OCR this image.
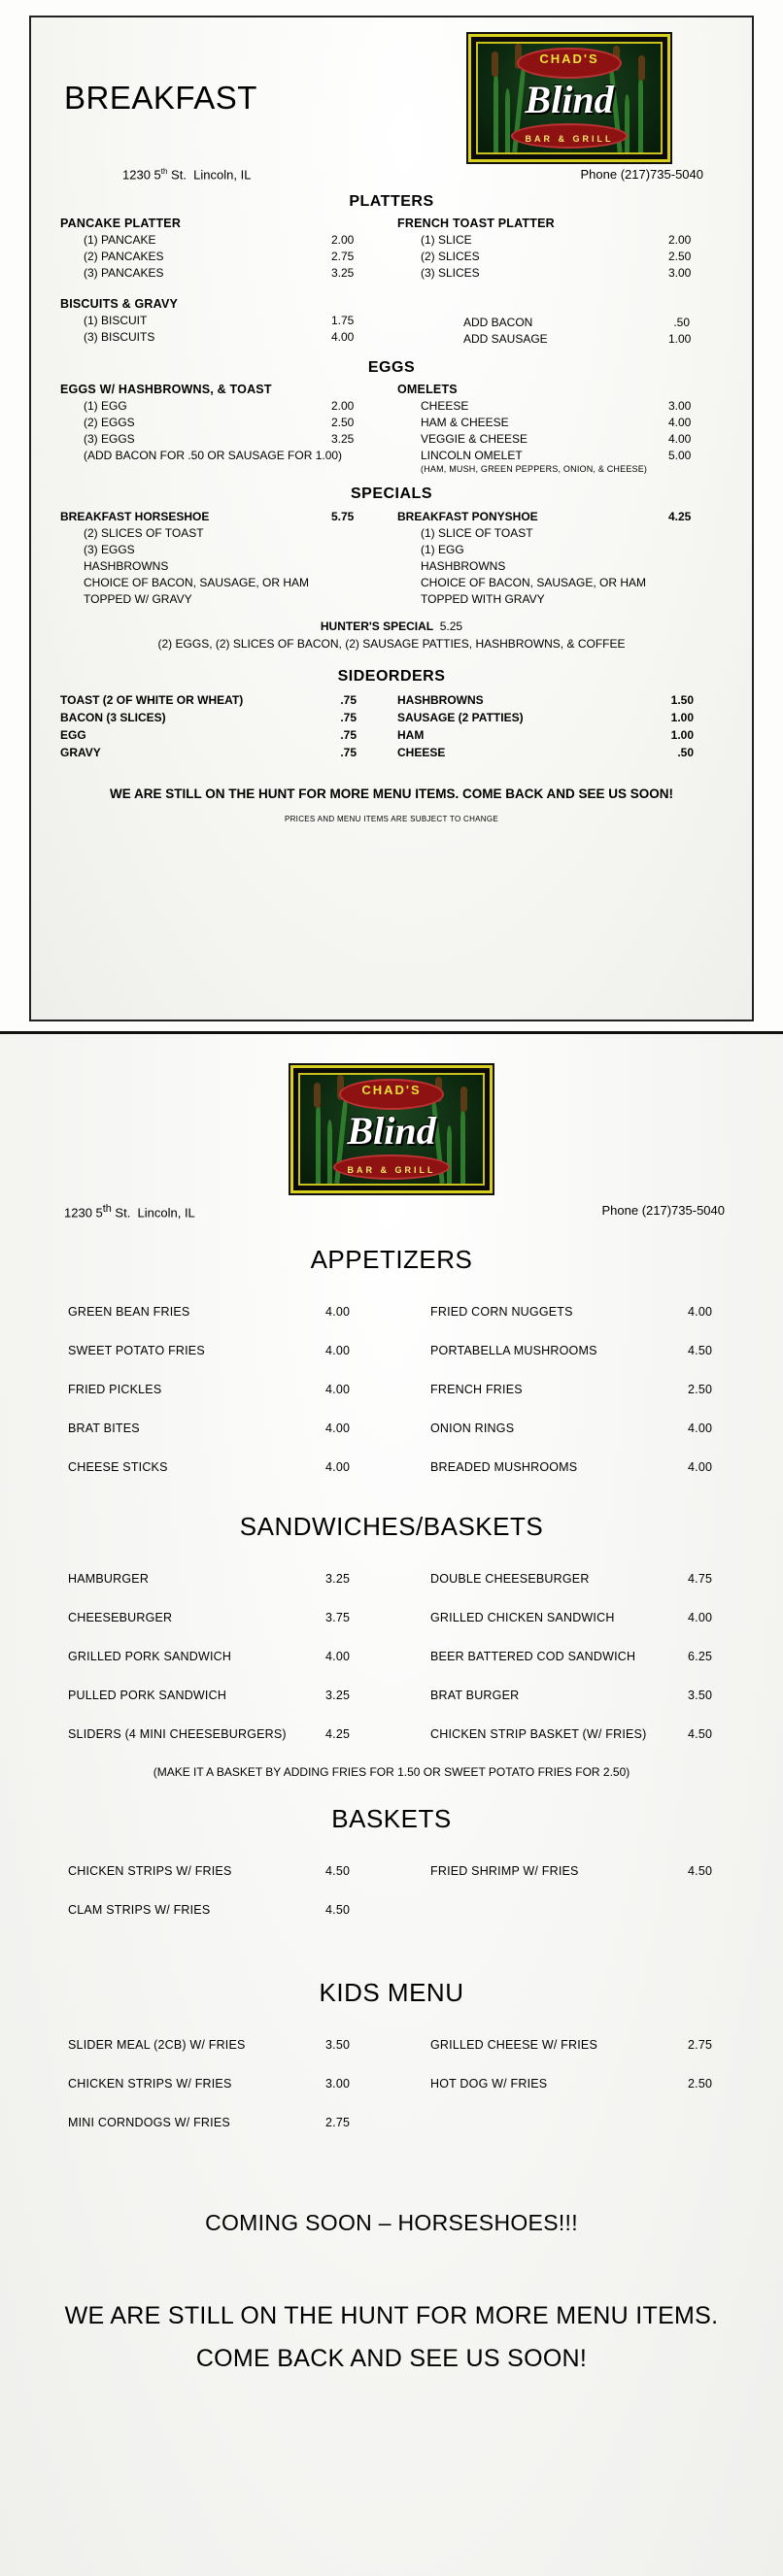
BREAKFAST
CHAD'S
Blind
BAR & GRILL
1230 5th St.  Lincoln, IL	Phone (217)735-5040
PLATTERS
PANCAKE PLATTER
(1) PANCAKE	2.00
(2) PANCAKES	2.75
(3) PANCAKES	3.25
BISCUITS & GRAVY
(1) BISCUIT	1.75
(3) BISCUITS	4.00
FRENCH TOAST PLATTER
(1) SLICE	2.00
(2) SLICES	2.50
(3) SLICES	3.00
ADD BACON	.50
ADD SAUSAGE	1.00
EGGS
EGGS W/ HASHBROWNS, & TOAST
(1) EGG	2.00
(2) EGGS	2.50
(3) EGGS	3.25
(ADD BACON FOR .50 OR SAUSAGE FOR 1.00)
OMELETS
CHEESE	3.00
HAM & CHEESE	4.00
VEGGIE & CHEESE	4.00
LINCOLN OMELET	5.00
(HAM, MUSH, GREEN PEPPERS, ONION, & CHEESE)
SPECIALS
BREAKFAST HORSESHOE	5.75
(2) SLICES OF TOAST
(3) EGGS
HASHBROWNS
CHOICE OF BACON, SAUSAGE, OR HAM
TOPPED W/ GRAVY
BREAKFAST PONYSHOE	4.25
(1) SLICE OF TOAST
(1) EGG
HASHBROWNS
CHOICE OF BACON, SAUSAGE, OR HAM
TOPPED WITH GRAVY
HUNTER'S SPECIAL 5.25
(2) EGGS, (2) SLICES OF BACON, (2) SAUSAGE PATTIES, HASHBROWNS, & COFFEE
SIDEORDERS
TOAST (2 OF WHITE OR WHEAT)	.75
BACON (3 SLICES)	.75
EGG	.75
GRAVY	.75
HASHBROWNS	1.50
SAUSAGE (2 PATTIES)	1.00
HAM	1.00
CHEESE	.50
WE ARE STILL ON THE HUNT FOR MORE MENU ITEMS. COME BACK AND SEE US SOON!
PRICES AND MENU ITEMS ARE SUBJECT TO CHANGE
CHAD'S
Blind
BAR & GRILL
1230 5th St.  Lincoln, IL	Phone (217)735-5040
APPETIZERS
GREEN BEAN FRIES	4.00
SWEET POTATO FRIES	4.00
FRIED PICKLES	4.00
BRAT BITES	4.00
CHEESE STICKS	4.00
FRIED CORN NUGGETS	4.00
PORTABELLA MUSHROOMS	4.50
FRENCH FRIES	2.50
ONION RINGS	4.00
BREADED MUSHROOMS	4.00
SANDWICHES/BASKETS
HAMBURGER	3.25
CHEESEBURGER	3.75
GRILLED PORK SANDWICH	4.00
PULLED PORK SANDWICH	3.25
SLIDERS (4 MINI CHEESEBURGERS)	4.25
DOUBLE CHEESEBURGER	4.75
GRILLED CHICKEN SANDWICH	4.00
BEER BATTERED COD SANDWICH	6.25
BRAT BURGER	3.50
CHICKEN STRIP BASKET (W/ FRIES)	4.50
(MAKE IT A BASKET BY ADDING FRIES FOR 1.50 OR SWEET POTATO FRIES FOR 2.50)
BASKETS
CHICKEN STRIPS W/ FRIES	4.50
CLAM STRIPS W/ FRIES	4.50
FRIED SHRIMP W/ FRIES	4.50
KIDS MENU
SLIDER MEAL (2CB) W/ FRIES	3.50
CHICKEN STRIPS W/ FRIES	3.00
MINI CORNDOGS W/ FRIES	2.75
GRILLED CHEESE W/ FRIES	2.75
HOT DOG W/ FRIES	2.50
COMING SOON – HORSESHOES!!!
WE ARE STILL ON THE HUNT FOR MORE MENU ITEMS.
COME BACK AND SEE US SOON!
